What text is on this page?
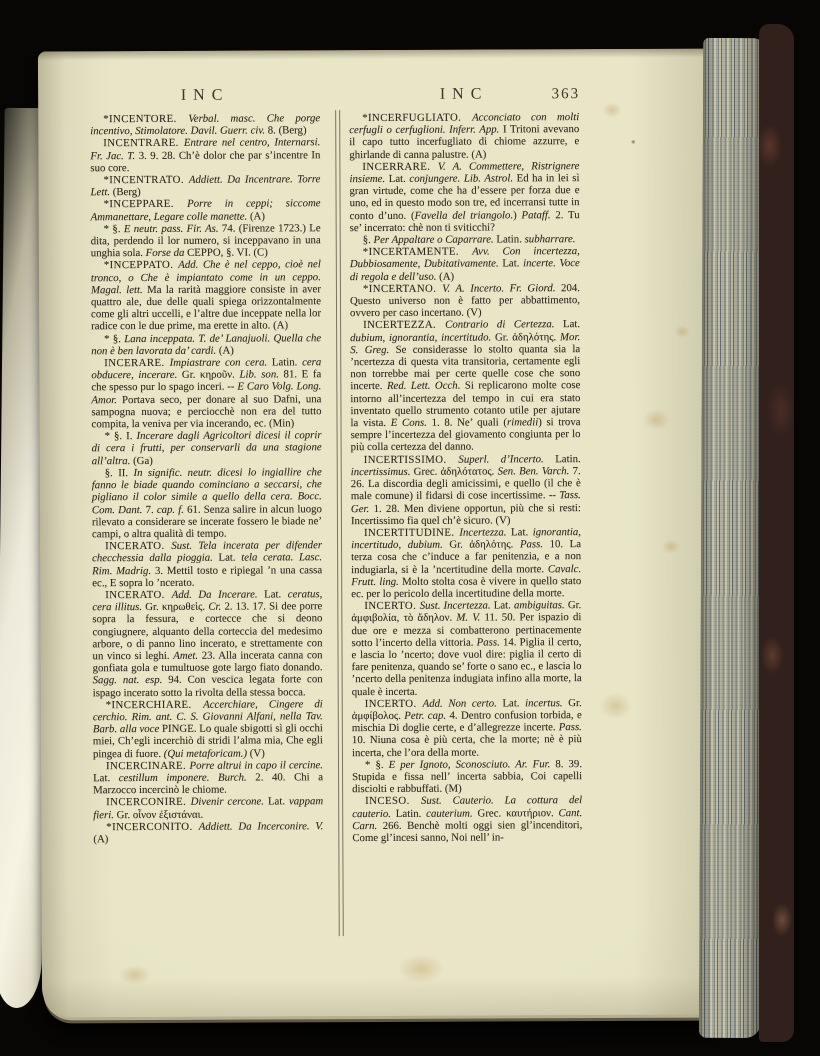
INC	INC	363

*INCENTORE. Verbal. masc. Che porge incentivo, Stimolatore. Davil. Guerr. civ. 8. (Berg)

INCENTRARE. Entrare nel centro, Internarsi. Fr. Jac. T. 3. 9. 28. Ch’è dolor che par s’incentre In suo core.

*INCENTRATO. Addiett. Da Incentrare. Torre Lett. (Berg)

*INCEPPARE. Porre in ceppi; siccome Ammanettare, Legare colle manette. (A)

* §. E neutr. pass. Fir. As. 74. (Firenze 1723.) Le dita, perdendo il lor numero, si inceppavano in una unghia sola. Forse da CEPPO, §. VI. (C)

*INCEPPATO. Add. Che è nel ceppo, cioè nel tronco, o Che è impiantato come in un ceppo. Magal. lett. Ma la rarità maggiore consiste in aver quattro ale, due delle quali spiega orizzontalmente come gli altri uccelli, e l’altre due inceppate nella lor radice con le due prime, ma erette in alto. (A)

* §. Lana inceppata. T. de’ Lanajuoli. Quella che non è ben lavorata da’ cardi. (A)

INCERARE. Impiastrare con cera. Latin. cera obducere, incerare. Gr. κηροῦν. Lib. son. 81. E fa che spesso pur lo spago inceri. -- E Caro Volg. Long. Amor. Portava seco, per donare al suo Dafni, una sampogna nuova; e perciocchè non era del tutto compita, la veniva per via incerando, ec. (Min)

* §. I. Incerare dagli Agricoltori dicesi il coprir di cera i frutti, per conservarli da una stagione all’altra. (Ga)

§. II. In signific. neutr. dicesi lo ingiallire che fanno le biade quando cominciano a seccarsi, che pigliano il color simile a quello della cera. Bocc. Com. Dant. 7. cap. f. 61. Senza salire in alcun luogo rilevato a considerare se incerate fossero le biade ne’ campi, o altra qualità di tempo.

INCERATO. Sust. Tela incerata per difender checchessia dalla pioggia. Lat. tela cerata. Lasc. Rim. Madrig. 3. Mettil tosto e ripiegal ’n una cassa ec., E sopra lo ’ncerato.

INCERATO. Add. Da Incerare. Lat. ceratus, cera illitus. Gr. κηρωθεὶς. Cr. 2. 13. 17. Si dee porre sopra la fessura, e cortecce che si deono congiugnere, alquanto della corteccia del medesimo arbore, o di panno lino incerato, e strettamente con un vinco si leghi. Amet. 23. Alla incerata canna con gonfiata gola e tumultuose gote largo fiato donando. Sagg. nat. esp. 94. Con vescica legata forte con ispago incerato sotto la rivolta della stessa bocca.

*INCERCHIARE. Accerchiare, Cingere di cerchio. Rim. ant. C. S. Giovanni Alfani, nella Tav. Barb. alla voce PINGE. Lo quale sbigotti sì gli occhi miei, Ch’egli incerchiò di stridi l’alma mia, Che egli pingea di fuore. (Qui metaforicam.) (V)

INCERCINARE. Porre altrui in capo il cercine. Lat. cestillum imponere. Burch. 2. 40. Chi a Marzocco incercinò le chiome.

INCERCONIRE. Divenir cercone. Lat. vappam fieri. Gr. οἶνον ἐξιστάναι.

*INCERCONITO. Addiett. Da Incerconire. V. (A)

*INCERFUGLIATO. Acconciato con molti cerfugli o cerfuglioni. Inferr. App. I Tritoni avevano il capo tutto incerfugliato di chiome azzurre, e ghirlande di canna palustre. (A)

INCERRARE. V. A. Commettere, Ristrignere insieme. Lat. conjungere. Lib. Astrol. Ed ha in lei sì gran virtude, come che ha d’essere per forza due e uno, ed in questo modo son tre, ed incerransi tutte in conto d’uno. (Favella del triangolo.) Pataff. 2. Tu se’ incerrato: chè non ti sviticchi?

§. Per Appaltare o Caparrare. Latin. subharrare.

*INCERTAMENTE. Avv. Con incertezza, Dubbiosamente, Dubitativamente. Lat. incerte. Voce di regola e dell’uso. (A)

*INCERTANO. V. A. Incerto. Fr. Giord. 204. Questo universo non è fatto per abbattimento, ovvero per caso incertano. (V)

INCERTEZZA. Contrario di Certezza. Lat. dubium, ignorantia, incertitudo. Gr. ἀδηλότης. Mor. S. Greg. Se considerasse lo stolto quanta sia la ’ncertezza di questa vita transitoria, certamente egli non torrebbe mai per certe quelle cose che sono incerte. Red. Lett. Occh. Si replicarono molte cose intorno all’incertezza del tempo in cui era stato inventato quello strumento cotanto utile per ajutare la vista. E Cons. 1. 8. Ne’ quali (rimedii) si trova sempre l’incertezza del giovamento congiunta per lo più colla certezza del danno.

INCERTISSIMO. Superl. d’Incerto. Latin. incertissimus. Grec. ἀδηλότατος. Sen. Ben. Varch. 7. 26. La discordia degli amicissimi, e quello (il che è male comune) il fidarsi di cose incertissime. -- Tass. Ger. 1. 28. Men diviene opportun, più che si resti: Incertissimo fia quel ch’è sicuro. (V)

INCERTITUDINE. Incertezza. Lat. ignorantia, incertitudo, dubium. Gr. ἀδηλότης. Pass. 10. La terza cosa che c’induce a far penitenzia, e a non indugiarla, si è la ’ncertitudine della morte. Cavalc. Frutt. ling. Molto stolta cosa è vivere in quello stato ec. per lo pericolo della incertitudine della morte.

INCERTO. Sust. Incertezza. Lat. ambiguitas. Gr. ἀμφιβολία, τὸ ἄδηλον. M. V. 11. 50. Per ispazio di due ore e mezza si combatterono pertinacemente sotto l’incerto della vittoria. Pass. 14. Piglia il certo, e lascia lo ’ncerto; dove vuol dire: piglia il certo di fare penitenza, quando se’ forte o sano ec., e lascia lo ’ncerto della penitenza indugiata infino alla morte, la quale è incerta.

INCERTO. Add. Non certo. Lat. incertus. Gr. ἀμφίβολος. Petr. cap. 4. Dentro confusion torbida, e mischia Di doglie certe, e d’allegrezze incerte. Pass. 10. Niuna cosa è più certa, che la morte; nè è più incerta, che l’ora della morte.

* §. E per Ignoto, Sconosciuto. Ar. Fur. 8. 39. Stupida e fissa nell’ incerta sabbia, Coi capelli disciolti e rabbuffati. (M)

INCESO. Sust. Cauterio. La cottura del cauterio. Latin. cauterium. Grec. καυτήριον. Cant. Carn. 266. Benchè molti oggi sien gl’incenditori, Come gl’incesi sanno, Noi nell’ in-
